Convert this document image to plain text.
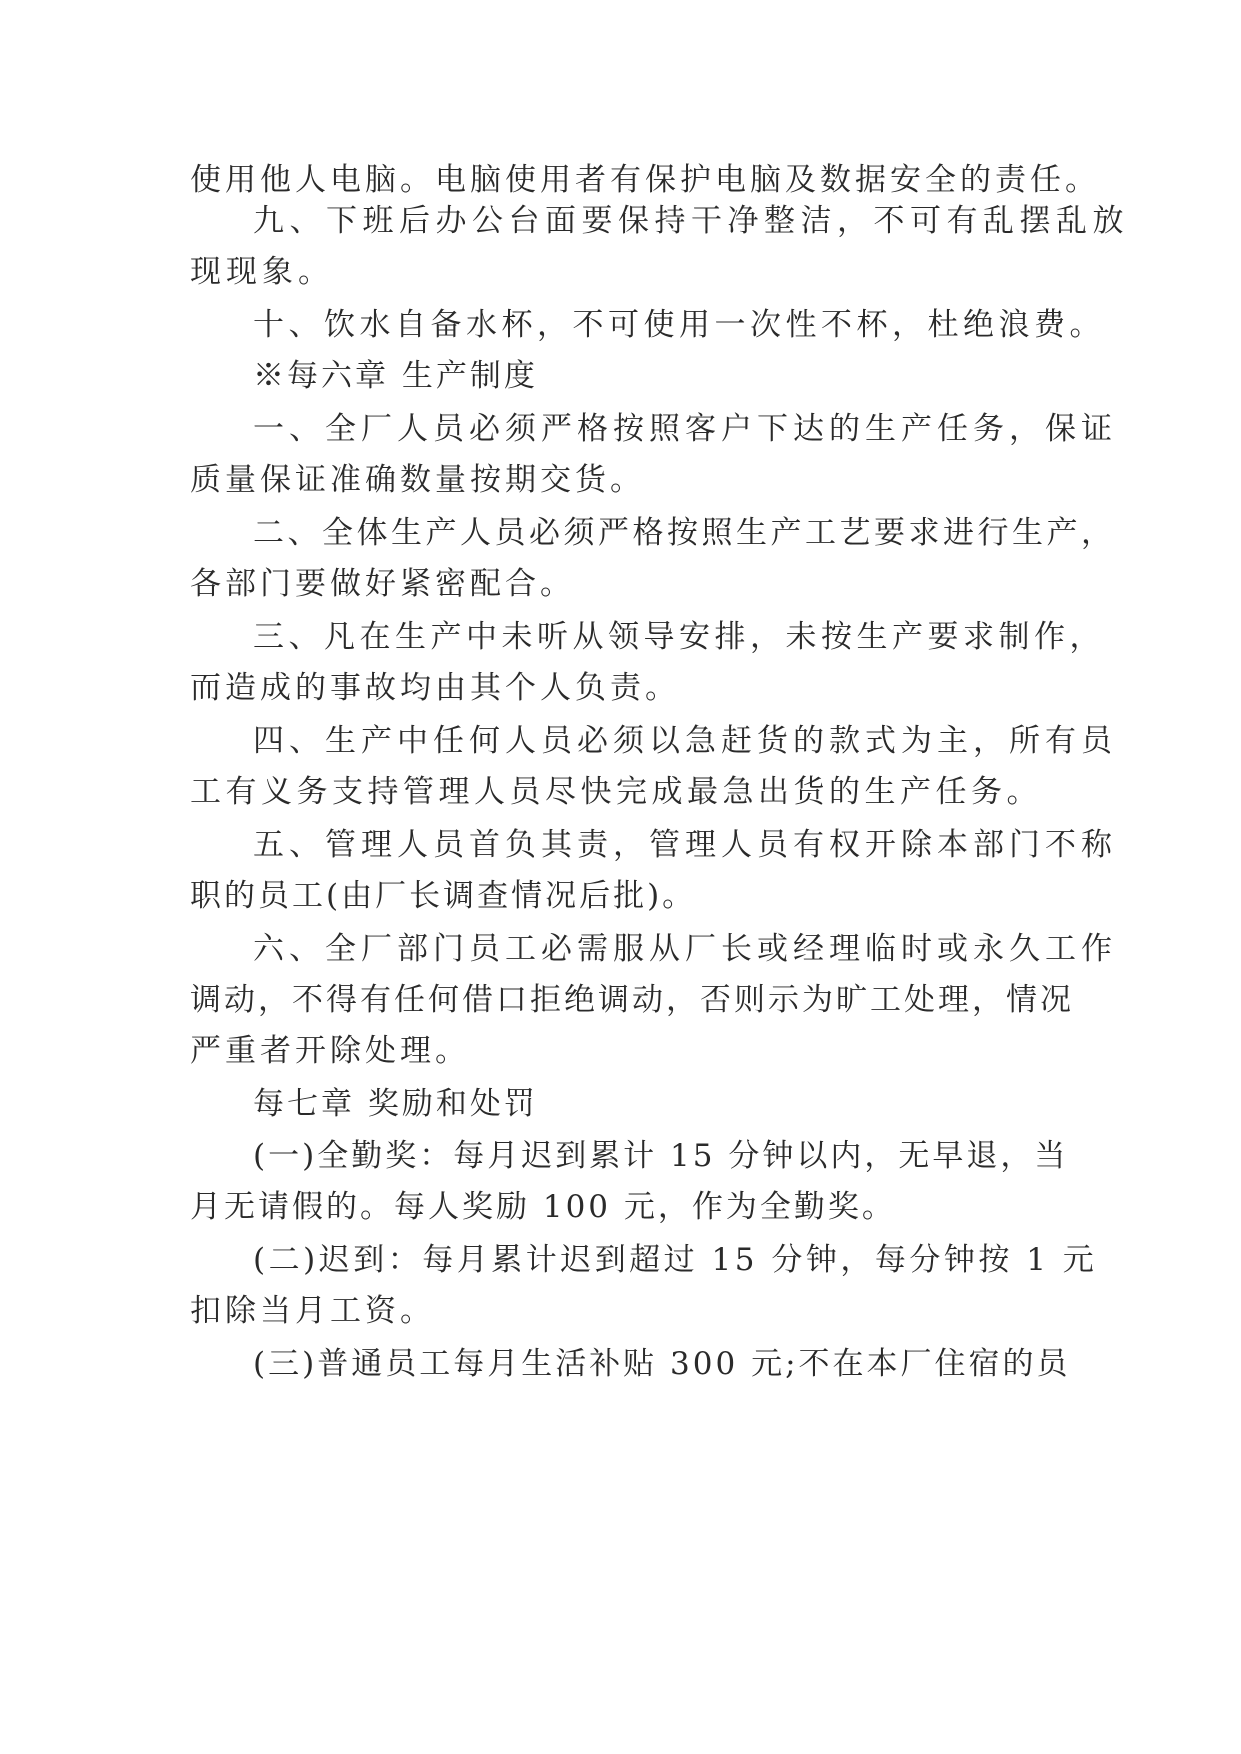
使用他人电脑。电脑使用者有保护电脑及数据安全的责任。
九、下班后办公台面要保持干净整洁，不可有乱摆乱放
现现象。
十、饮水自备水杯，不可使用一次性不杯，杜绝浪费。
※每六章 生产制度
一、全厂人员必须严格按照客户下达的生产任务，保证
质量保证准确数量按期交货。
二、全体生产人员必须严格按照生产工艺要求进行生产，
各部门要做好紧密配合。
三、凡在生产中未听从领导安排，未按生产要求制作，
而造成的事故均由其个人负责。
四、生产中任何人员必须以急赶货的款式为主，所有员
工有义务支持管理人员尽快完成最急出货的生产任务。
五、管理人员首负其责，管理人员有权开除本部门不称
职的员工(由厂长调查情况后批)。
六、全厂部门员工必需服从厂长或经理临时或永久工作
调动，不得有任何借口拒绝调动，否则示为旷工处理，情况
严重者开除处理。
每七章 奖励和处罚
(一)全勤奖：每月迟到累计 15 分钟以内，无早退，当
月无请假的。每人奖励 100 元，作为全勤奖。
(二)迟到：每月累计迟到超过 15 分钟，每分钟按 1 元
扣除当月工资。
(三)普通员工每月生活补贴 300 元;不在本厂住宿的员
